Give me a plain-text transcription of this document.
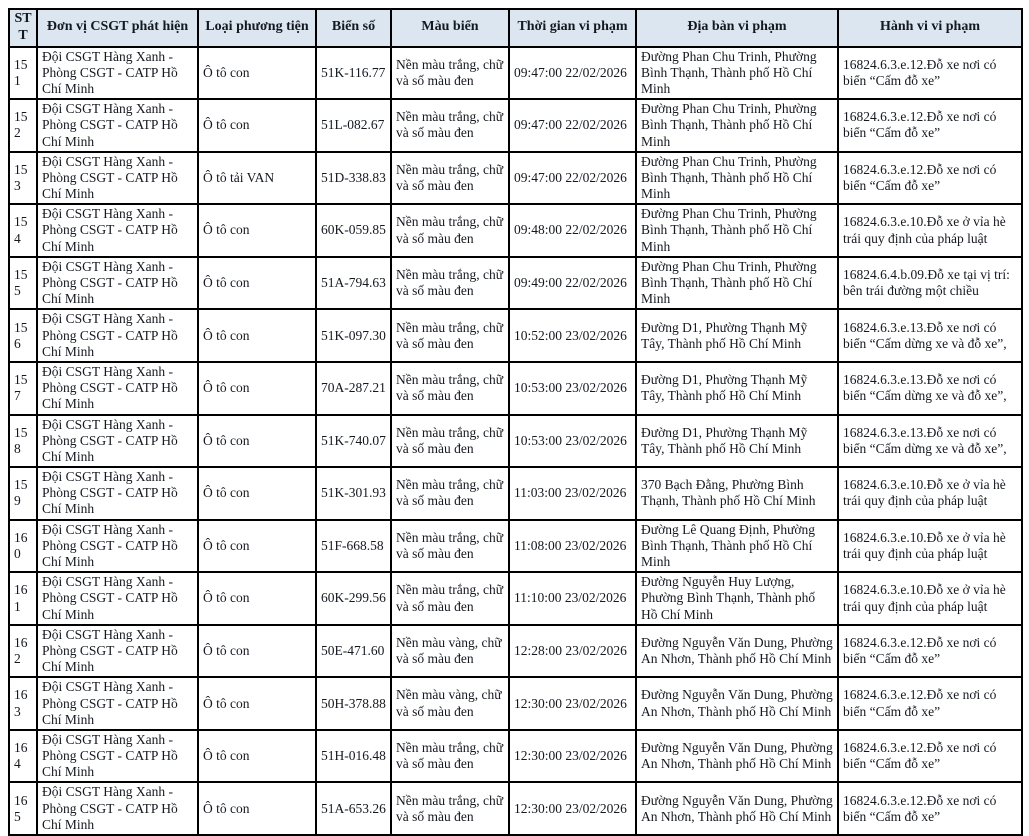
STT	Đơn vị CSGT phát hiện	Loại phương tiện	Biển số	Màu biển	Thời gian vi phạm	Địa bàn vi phạm	Hành vi vi phạm
151	Đội CSGT Hàng Xanh - Phòng CSGT - CATP Hồ Chí Minh	Ô tô con	51K-116.77	Nền màu trắng, chữ và số màu đen	09:47:00 22/02/2026	Đường Phan Chu Trinh, Phường Bình Thạnh, Thành phố Hồ Chí Minh	16824.6.3.e.12.Đỗ xe nơi có biển “Cấm đỗ xe”
152	Đội CSGT Hàng Xanh - Phòng CSGT - CATP Hồ Chí Minh	Ô tô con	51L-082.67	Nền màu trắng, chữ và số màu đen	09:47:00 22/02/2026	Đường Phan Chu Trinh, Phường Bình Thạnh, Thành phố Hồ Chí Minh	16824.6.3.e.12.Đỗ xe nơi có biển “Cấm đỗ xe”
153	Đội CSGT Hàng Xanh - Phòng CSGT - CATP Hồ Chí Minh	Ô tô tải VAN	51D-338.83	Nền màu trắng, chữ và số màu đen	09:47:00 22/02/2026	Đường Phan Chu Trinh, Phường Bình Thạnh, Thành phố Hồ Chí Minh	16824.6.3.e.12.Đỗ xe nơi có biển “Cấm đỗ xe”
154	Đội CSGT Hàng Xanh - Phòng CSGT - CATP Hồ Chí Minh	Ô tô con	60K-059.85	Nền màu trắng, chữ và số màu đen	09:48:00 22/02/2026	Đường Phan Chu Trinh, Phường Bình Thạnh, Thành phố Hồ Chí Minh	16824.6.3.e.10.Đỗ xe ở vỉa hè trái quy định của pháp luật
155	Đội CSGT Hàng Xanh - Phòng CSGT - CATP Hồ Chí Minh	Ô tô con	51A-794.63	Nền màu trắng, chữ và số màu đen	09:49:00 22/02/2026	Đường Phan Chu Trinh, Phường Bình Thạnh, Thành phố Hồ Chí Minh	16824.6.4.b.09.Đỗ xe tại vị trí: bên trái đường một chiều
156	Đội CSGT Hàng Xanh - Phòng CSGT - CATP Hồ Chí Minh	Ô tô con	51K-097.30	Nền màu trắng, chữ và số màu đen	10:52:00 23/02/2026	Đường D1, Phường Thạnh Mỹ Tây, Thành phố Hồ Chí Minh	16824.6.3.e.13.Đỗ xe nơi có biển “Cấm dừng xe và đỗ xe”,
157	Đội CSGT Hàng Xanh - Phòng CSGT - CATP Hồ Chí Minh	Ô tô con	70A-287.21	Nền màu trắng, chữ và số màu đen	10:53:00 23/02/2026	Đường D1, Phường Thạnh Mỹ Tây, Thành phố Hồ Chí Minh	16824.6.3.e.13.Đỗ xe nơi có biển “Cấm dừng xe và đỗ xe”,
158	Đội CSGT Hàng Xanh - Phòng CSGT - CATP Hồ Chí Minh	Ô tô con	51K-740.07	Nền màu trắng, chữ và số màu đen	10:53:00 23/02/2026	Đường D1, Phường Thạnh Mỹ Tây, Thành phố Hồ Chí Minh	16824.6.3.e.13.Đỗ xe nơi có biển “Cấm dừng xe và đỗ xe”,
159	Đội CSGT Hàng Xanh - Phòng CSGT - CATP Hồ Chí Minh	Ô tô con	51K-301.93	Nền màu trắng, chữ và số màu đen	11:03:00 23/02/2026	370 Bạch Đằng, Phường Bình Thạnh, Thành phố Hồ Chí Minh	16824.6.3.e.10.Đỗ xe ở vỉa hè trái quy định của pháp luật
160	Đội CSGT Hàng Xanh - Phòng CSGT - CATP Hồ Chí Minh	Ô tô con	51F-668.58	Nền màu trắng, chữ và số màu đen	11:08:00 23/02/2026	Đường Lê Quang Định, Phường Bình Thạnh, Thành phố Hồ Chí Minh	16824.6.3.e.10.Đỗ xe ở vỉa hè trái quy định của pháp luật
161	Đội CSGT Hàng Xanh - Phòng CSGT - CATP Hồ Chí Minh	Ô tô con	60K-299.56	Nền màu trắng, chữ và số màu đen	11:10:00 23/02/2026	Đường Nguyễn Huy Lượng, Phường Bình Thạnh, Thành phố Hồ Chí Minh	16824.6.3.e.10.Đỗ xe ở vỉa hè trái quy định của pháp luật
162	Đội CSGT Hàng Xanh - Phòng CSGT - CATP Hồ Chí Minh	Ô tô con	50E-471.60	Nền màu vàng, chữ và số màu đen	12:28:00 23/02/2026	Đường Nguyễn Văn Dung, Phường An Nhơn, Thành phố Hồ Chí Minh	16824.6.3.e.12.Đỗ xe nơi có biển “Cấm đỗ xe”
163	Đội CSGT Hàng Xanh - Phòng CSGT - CATP Hồ Chí Minh	Ô tô con	50H-378.88	Nền màu vàng, chữ và số màu đen	12:30:00 23/02/2026	Đường Nguyễn Văn Dung, Phường An Nhơn, Thành phố Hồ Chí Minh	16824.6.3.e.12.Đỗ xe nơi có biển “Cấm đỗ xe”
164	Đội CSGT Hàng Xanh - Phòng CSGT - CATP Hồ Chí Minh	Ô tô con	51H-016.48	Nền màu trắng, chữ và số màu đen	12:30:00 23/02/2026	Đường Nguyễn Văn Dung, Phường An Nhơn, Thành phố Hồ Chí Minh	16824.6.3.e.12.Đỗ xe nơi có biển “Cấm đỗ xe”
165	Đội CSGT Hàng Xanh - Phòng CSGT - CATP Hồ Chí Minh	Ô tô con	51A-653.26	Nền màu trắng, chữ và số màu đen	12:30:00 23/02/2026	Đường Nguyễn Văn Dung, Phường An Nhơn, Thành phố Hồ Chí Minh	16824.6.3.e.12.Đỗ xe nơi có biển “Cấm đỗ xe”
